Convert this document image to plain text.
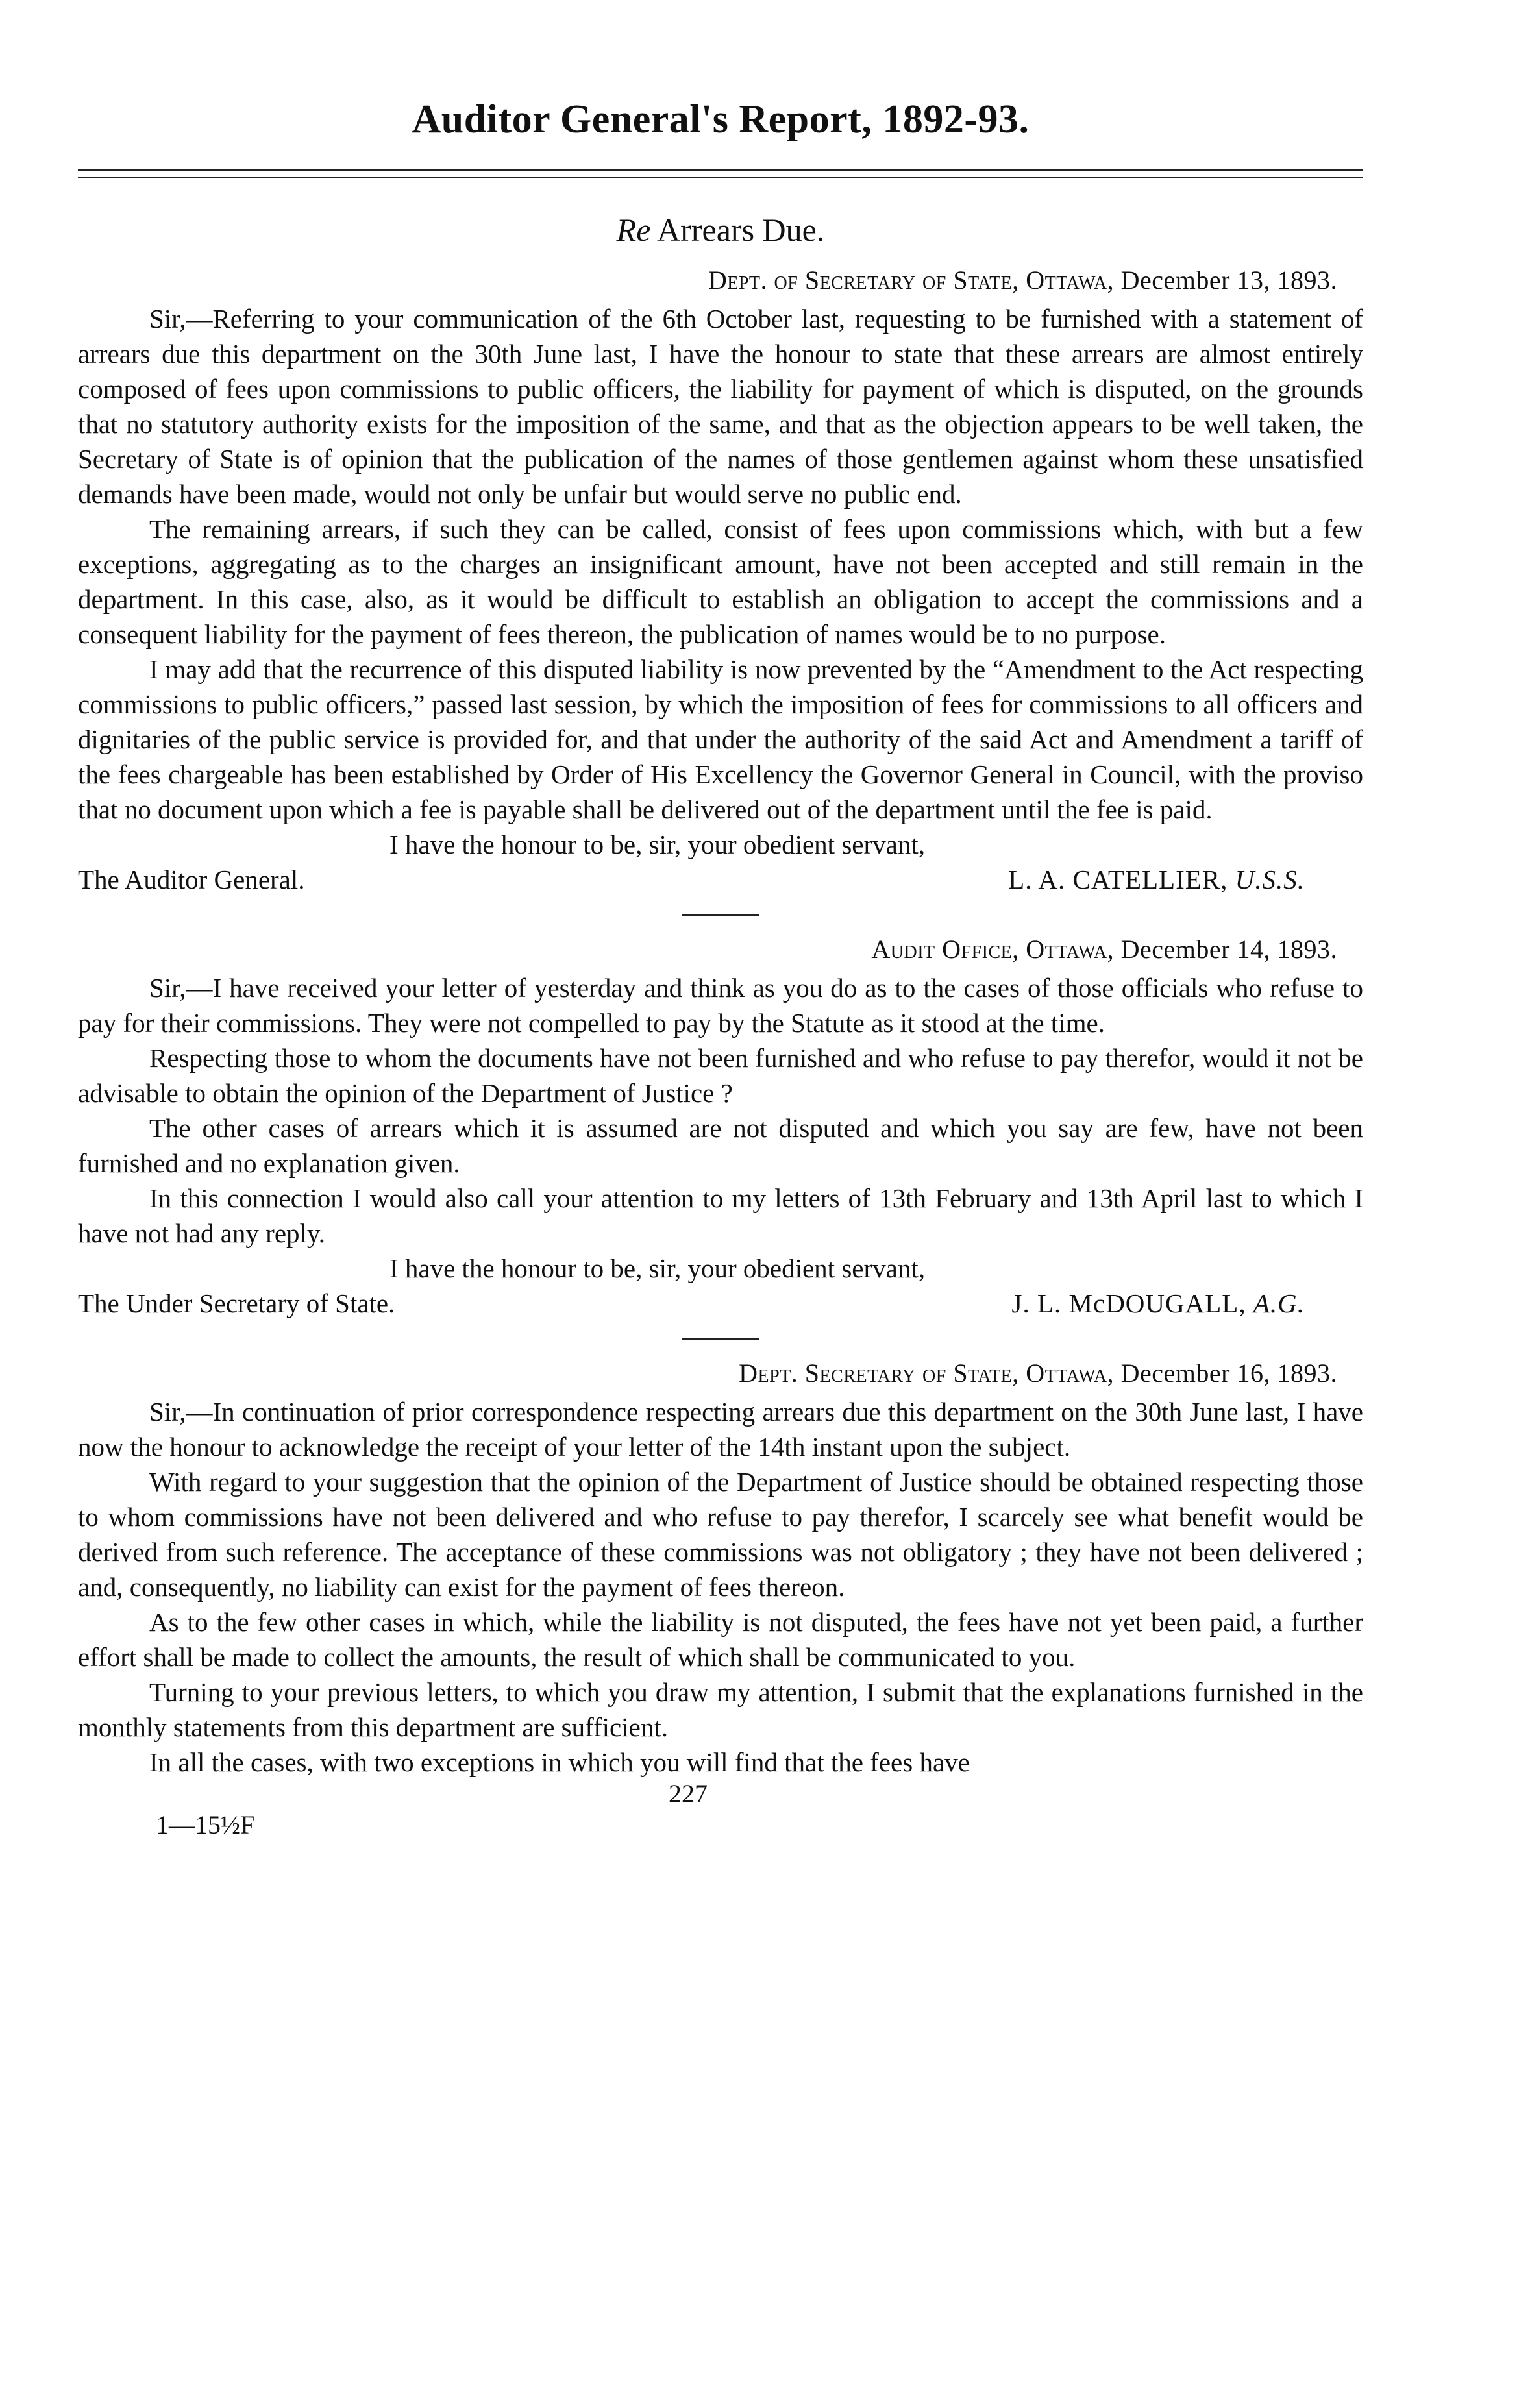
Auditor General's Report, 1892-93.
Re Arrears Due.
Dept. of Secretary of State, Ottawa, December 13, 1893.

Sir,—Referring to your communication of the 6th October last, requesting to be furnished with a statement of arrears due this department on the 30th June last, I have the honour to state that these arrears are almost entirely composed of fees upon commissions to public officers, the liability for payment of which is disputed, on the grounds that no statutory authority exists for the imposition of the same, and that as the objection appears to be well taken, the Secretary of State is of opinion that the publication of the names of those gentlemen against whom these unsatisfied demands have been made, would not only be unfair but would serve no public end.

The remaining arrears, if such they can be called, consist of fees upon commissions which, with but a few exceptions, aggregating as to the charges an insignificant amount, have not been accepted and still remain in the department. In this case, also, as it would be difficult to establish an obligation to accept the commissions and a consequent liability for the payment of fees thereon, the publication of names would be to no purpose.

I may add that the recurrence of this disputed liability is now prevented by the “Amendment to the Act respecting commissions to public officers,” passed last session, by which the imposition of fees for commissions to all officers and dignitaries of the public service is provided for, and that under the authority of the said Act and Amendment a tariff of the fees chargeable has been established by Order of His Excellency the Governor General in Council, with the proviso that no document upon which a fee is payable shall be delivered out of the department until the fee is paid.

I have the honour to be, sir, your obedient servant,
The Auditor General.	L. A. CATELLIER, U.S.S.
Audit Office, Ottawa, December 14, 1893.

Sir,—I have received your letter of yesterday and think as you do as to the cases of those officials who refuse to pay for their commissions. They were not compelled to pay by the Statute as it stood at the time.

Respecting those to whom the documents have not been furnished and who refuse to pay therefor, would it not be advisable to obtain the opinion of the Department of Justice ?

The other cases of arrears which it is assumed are not disputed and which you say are few, have not been furnished and no explanation given.

In this connection I would also call your attention to my letters of 13th February and 13th April last to which I have not had any reply.

I have the honour to be, sir, your obedient servant,
The Under Secretary of State.	J. L. McDOUGALL, A.G.
Dept. Secretary of State, Ottawa, December 16, 1893.

Sir,—In continuation of prior correspondence respecting arrears due this department on the 30th June last, I have now the honour to acknowledge the receipt of your letter of the 14th instant upon the subject.

With regard to your suggestion that the opinion of the Department of Justice should be obtained respecting those to whom commissions have not been delivered and who refuse to pay therefor, I scarcely see what benefit would be derived from such reference. The acceptance of these commissions was not obligatory ; they have not been delivered ; and, consequently, no liability can exist for the payment of fees thereon.

As to the few other cases in which, while the liability is not disputed, the fees have not yet been paid, a further effort shall be made to collect the amounts, the result of which shall be communicated to you.

Turning to your previous letters, to which you draw my attention, I submit that the explanations furnished in the monthly statements from this department are sufficient.

In all the cases, with two exceptions in which you will find that the fees have

227
1—15½F
